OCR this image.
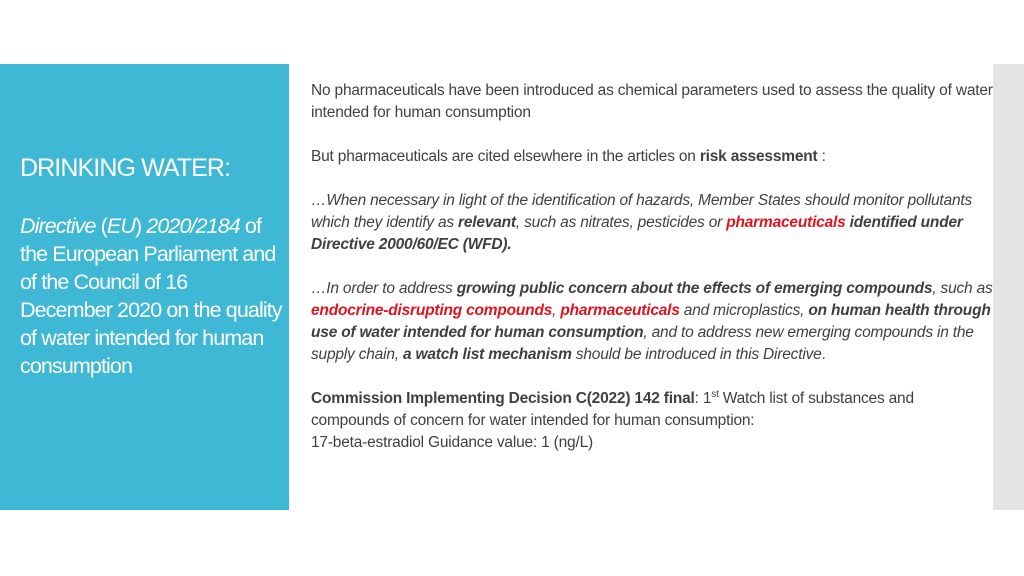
DRINKING WATER:
Directive (EU) 2020/2184 of the European Parliament and of the Council of 16 December 2020 on the quality of water intended for human consumption

No pharmaceuticals have been introduced as chemical parameters used to assess the quality of water intended for human consumption

But pharmaceuticals are cited elsewhere in the articles on risk assessment :

…When necessary in light of the identification of hazards, Member States should monitor pollutants which they identify as relevant, such as nitrates, pesticides or pharmaceuticals identified under Directive 2000/60/EC (WFD).

…In order to address growing public concern about the effects of emerging compounds, such as endocrine-disrupting compounds, pharmaceuticals and microplastics, on human health through use of water intended for human consumption, and to address new emerging compounds in the supply chain, a watch list mechanism should be introduced in this Directive.

Commission Implementing Decision C(2022) 142 final: 1st Watch list of substances and compounds of concern for water intended for human consumption:
17-beta-estradiol Guidance value: 1 (ng/L)
